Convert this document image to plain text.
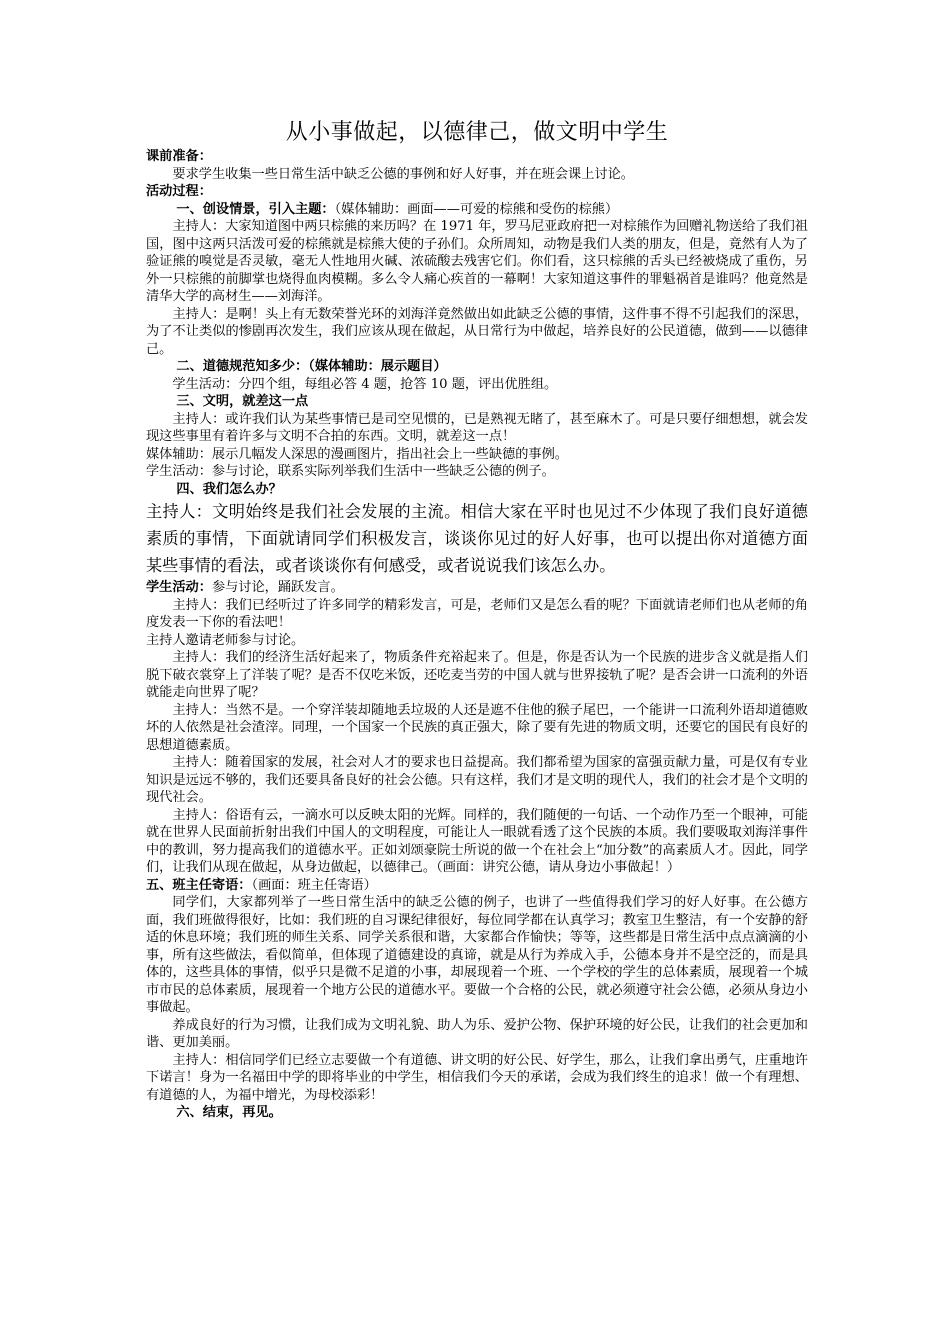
从小事做起，以德律己，做文明中学生

课前准备：

要求学生收集一些日常生活中缺乏公德的事例和好人好事，并在班会课上讨论。

活动过程：

一、创设情景，引入主题：（媒体辅助：画面——可爱的棕熊和受伤的棕熊）

主持人：大家知道图中两只棕熊的来历吗？在 1971 年，罗马尼亚政府把一对棕熊作为回赠礼物送给了我们祖国，图中这两只活泼可爱的棕熊就是棕熊大使的子孙们。众所周知，动物是我们人类的朋友，但是，竟然有人为了验证熊的嗅觉是否灵敏，毫无人性地用火碱、浓硫酸去残害它们。你们看，这只棕熊的舌头已经被烧成了重伤，另外一只棕熊的前脚掌也烧得血肉模糊。多么令人痛心疾首的一幕啊！大家知道这事件的罪魁祸首是谁吗？他竟然是清华大学的高材生——刘海洋。

主持人：是啊！头上有无数荣誉光环的刘海洋竟然做出如此缺乏公德的事情，这件事不得不引起我们的深思，为了不让类似的惨剧再次发生，我们应该从现在做起，从日常行为中做起，培养良好的公民道德，做到——以德律己。

二、道德规范知多少：（媒体辅助：展示题目）

学生活动：分四个组，每组必答 4 题，抢答 10 题，评出优胜组。

三、文明，就差这一点

主持人：或许我们认为某些事情已是司空见惯的，已是熟视无睹了，甚至麻木了。可是只要仔细想想，就会发现这些事里有着许多与文明不合拍的东西。文明，就差这一点！

媒体辅助：展示几幅发人深思的漫画图片，指出社会上一些缺德的事例。

学生活动：参与讨论，联系实际列举我们生活中一些缺乏公德的例子。

四、我们怎么办？

主持人：文明始终是我们社会发展的主流。相信大家在平时也见过不少体现了我们良好道德素质的事情，下面就请同学们积极发言，谈谈你见过的好人好事，也可以提出你对道德方面某些事情的看法，或者谈谈你有何感受，或者说说我们该怎么办。

学生活动：参与讨论，踊跃发言。

主持人：我们已经听过了许多同学的精彩发言，可是，老师们又是怎么看的呢？下面就请老师们也从老师的角度发表一下你的看法吧！

主持人邀请老师参与讨论。

主持人：我们的经济生活好起来了，物质条件充裕起来了。但是，你是否认为一个民族的进步含义就是指人们脱下破衣裳穿上了洋装了呢？是否不仅吃米饭，还吃麦当劳的中国人就与世界接轨了呢？是否会讲一口流利的外语就能走向世界了呢？

主持人：当然不是。一个穿洋装却随地丢垃圾的人还是遮不住他的猴子尾巴，一个能讲一口流利外语却道德败坏的人依然是社会渣滓。同理，一个国家一个民族的真正强大，除了要有先进的物质文明，还要它的国民有良好的思想道德素质。

主持人：随着国家的发展，社会对人才的要求也日益提高。我们都希望为国家的富强贡献力量，可是仅有专业知识是远远不够的，我们还要具备良好的社会公德。只有这样，我们才是文明的现代人，我们的社会才是个文明的现代社会。

主持人：俗语有云，一滴水可以反映太阳的光辉。同样的，我们随便的一句话、一个动作乃至一个眼神，可能就在世界人民面前折射出我们中国人的文明程度，可能让人一眼就看透了这个民族的本质。我们要吸取刘海洋事件中的教训，努力提高我们的道德水平。正如刘颂豪院士所说的做一个在社会上“加分数”的高素质人才。因此，同学们，让我们从现在做起，从身边做起，以德律己。（画面：讲究公德，请从身边小事做起！）

五、班主任寄语：（画面：班主任寄语）

同学们，大家都列举了一些日常生活中的缺乏公德的例子，也讲了一些值得我们学习的好人好事。在公德方面，我们班做得很好，比如：我们班的自习课纪律很好，每位同学都在认真学习；教室卫生整洁，有一个安静的舒适的休息环境；我们班的师生关系、同学关系很和谐，大家都合作愉快；等等，这些都是日常生活中点点滴滴的小事，所有这些做法，看似简单，但体现了道德建设的真谛，就是从行为养成入手，公德本身并不是空泛的，而是具体的，这些具体的事情，似乎只是微不足道的小事，却展现着一个班、一个学校的学生的总体素质，展现着一个城市市民的总体素质，展现着一个地方公民的道德水平。要做一个合格的公民，就必须遵守社会公德，必须从身边小事做起。

养成良好的行为习惯，让我们成为文明礼貌、助人为乐、爱护公物、保护环境的好公民，让我们的社会更加和谐、更加美丽。

主持人：相信同学们已经立志要做一个有道德、讲文明的好公民、好学生，那么，让我们拿出勇气，庄重地许下诺言！身为一名福田中学的即将毕业的中学生，相信我们今天的承诺，会成为我们终生的追求！做一个有理想、有道德的人，为福中增光，为母校添彩！

六、结束，再见。
